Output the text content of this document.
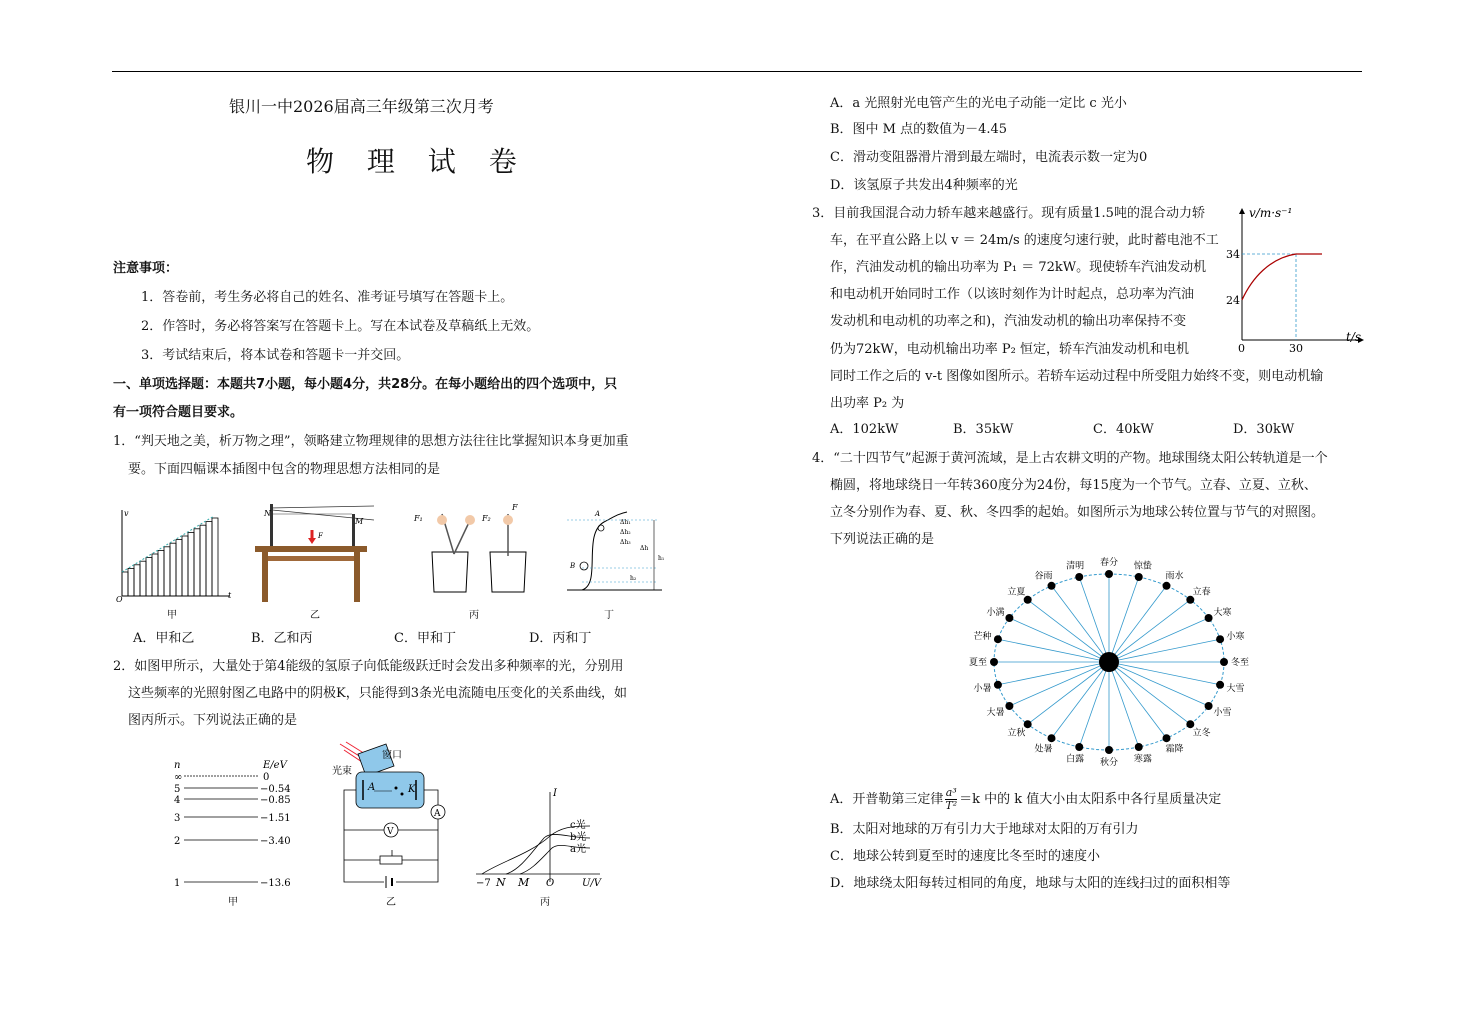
银川一中2026届高三年级第三次月考
物 理 试 卷
注意事项：
1．答卷前，考生务必将自己的姓名、准考证号填写在答题卡上。
2．作答时，务必将答案写在答题卡上。写在本试卷及草稿纸上无效。
3．考试结束后，将本试卷和答题卡一并交回。
一、单项选择题：本题共7小题，每小题4分，共28分。在每小题给出的四个选项中，只
有一项符合题目要求。
1．“判天地之美，析万物之理”，领略建立物理规律的思想方法往往比掌握知识本身更加重
要。下面四幅课本插图中包含的物理思想方法相同的是
O
v
t
N
M
F
F₁	F₂
F
A
B
Δh₁
Δh₂
Δh₃
Δh
h₁
h₂
甲	乙	丙	丁
A．甲和乙	B．乙和丙	C．甲和丁	D．丙和丁
2．如图甲所示，大量处于第4能级的氢原子向低能级跃迁时会发出多种频率的光，分别用
这些频率的光照射图乙电路中的阴极K，只能得到3条光电流随电压变化的关系曲线，如
图丙所示。下列说法正确的是
n	E/eV
∞
5
4
3
2
1
0
−0.54
−0.85
−1.51
−3.40
−13.6
甲
A	K
窗口
光束
A
V
乙
I
c光
b光
a光
−7 N M O	U/V
丙
A．a 光照射光电管产生的光电子动能一定比 c 光小
B．图中 M 点的数值为－4.45
C．滑动变阻器滑片滑到最左端时，电流表示数一定为0
D．该氢原子共发出4种频率的光
3．目前我国混合动力轿车越来越盛行。现有质量1.5吨的混合动力轿
车，在平直公路上以 v ＝ 24m/s 的速度匀速行驶，此时蓄电池不工
作，汽油发动机的输出功率为 P₁ ＝ 72kW。现使轿车汽油发动机
和电动机开始同时工作（以该时刻作为计时起点，总功率为汽油
发动机和电动机的功率之和)，汽油发动机的输出功率保持不变
仍为72kW，电动机输出功率 P₂ 恒定，轿车汽油发动机和电机
同时工作之后的 v-t 图像如图所示。若轿车运动过程中所受阻力始终不变，则电动机输
出功率 P₂ 为
v/m·s⁻¹
t/s
34
24
0	30
A．102kW	B．35kW	C．40kW	D．30kW
4．“二十四节气”起源于黄河流域，是上古农耕文明的产物。地球围绕太阳公转轨道是一个
椭圆，将地球绕日一年转360度分为24份，每15度为一个节气。立春、立夏、立秋、
立冬分别作为春、夏、秋、冬四季的起始。如图所示为地球公转位置与节气的对照图。
下列说法正确的是
冬至
小寒
大寒
立春
雨水
惊蛰
春分
清明
谷雨
立夏
小满
芒种
夏至
小暑
大暑
立秋
处暑
白露 秋分 寒露
霜降
立冬
小雪
大雪
A．开普勒第三定律 $\frac{\text{a³}}{\text{T²}} =k$ 中的 k 值大小由太阳系中各行星质量决定
B．太阳对地球的万有引力大于地球对太阳的万有引力
C．地球公转到夏至时的速度比冬至时的速度小
D．地球绕太阳每转过相同的角度，地球与太阳的连线扫过的面积相等
